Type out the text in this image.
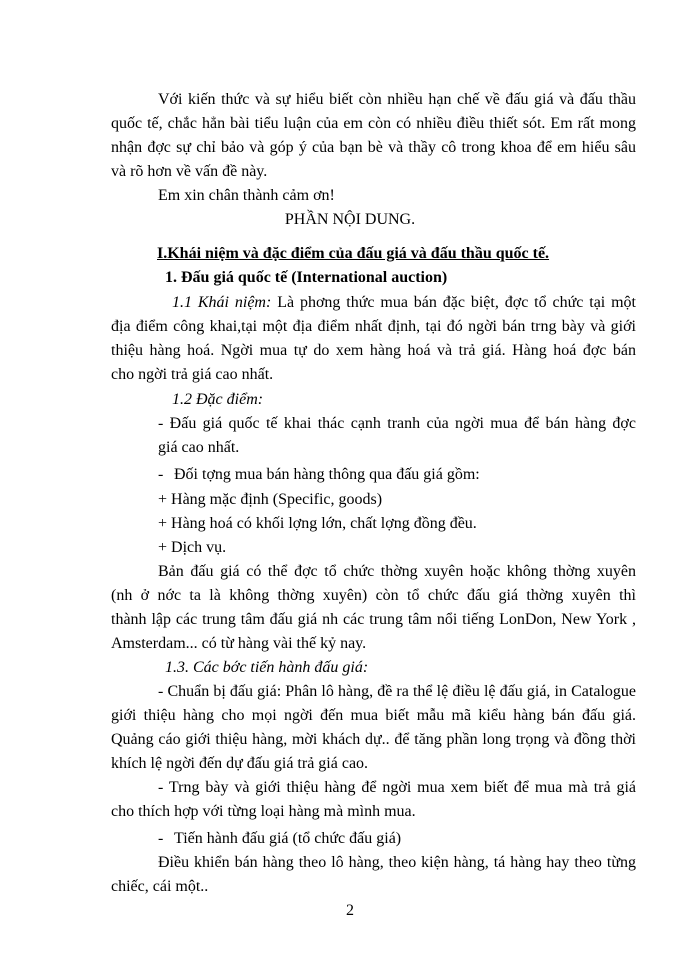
Với kiến thức và sự hiểu biết còn nhiều hạn chế về đấu giá và đấu thầu
quốc tế, chắc hẳn bài tiểu luận của em còn có nhiều điều thiết sót. Em rất mong
nhận đợc sự chỉ bảo và góp ý của bạn bè và thầy cô trong khoa để em hiểu sâu
và rõ hơn về vấn đề này.
Em xin chân thành cảm ơn!
PHẦN NỘI DUNG.
I.Khái niệm và đặc điểm của đấu giá và đấu thầu quốc tế.
1. Đấu giá quốc tế (International auction)
1.1 Khái niệm: Là phơng thức mua bán đặc biệt, đợc tổ chức tại một
địa điểm công khai,tại một địa điểm nhất định, tại đó ngời bán trng bày và giới
thiệu hàng hoá. Ngời mua tự do xem hàng hoá và trả giá. Hàng hoá đợc bán
cho ngời trả giá cao nhất.
1.2 Đặc điểm:
- Đấu giá quốc tế khai thác cạnh tranh của ngời mua để bán hàng đợc
giá cao nhất.
- Đối tợng mua bán hàng thông qua đấu giá gồm:
+ Hàng mặc định (Specific, goods)
+ Hàng hoá có khối lợng lớn, chất lợng đồng đều.
+ Dịch vụ.
Bản đấu giá có thể đợc tổ chức thờng xuyên hoặc không thờng xuyên
(nh ở nớc ta là không thờng xuyên) còn tổ chức đấu giá thờng xuyên thì
thành lập các trung tâm đấu giá nh các trung tâm nổi tiếng LonDon, New York ,
Amsterdam... có từ hàng vài thế kỷ nay.
1.3. Các bớc tiến hành đấu giá:
- Chuẩn bị đấu giá: Phân lô hàng, đề ra thể lệ điều lệ đấu giá, in Catalogue
giới thiệu hàng cho mọi ngời đến mua biết mẫu mã kiểu hàng bán đấu giá.
Quảng cáo giới thiệu hàng, mời khách dự.. để tăng phần long trọng và đồng thời
khích lệ ngời đến dự đấu giá trả giá cao.
- Trng bày và giới thiệu hàng để ngời mua xem biết để mua mà trả giá
cho thích hợp với từng loại hàng mà mình mua.
- Tiến hành đấu giá (tổ chức đấu giá)
Điều khiển bán hàng theo lô hàng, theo kiện hàng, tá hàng hay theo từng
chiếc, cái một..
2
